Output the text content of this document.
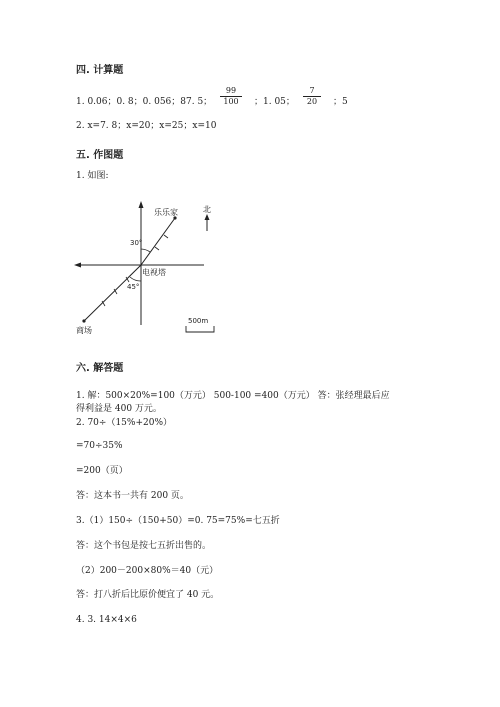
四. 计算题
1. 0.06；0. 8；0. 056；87. 5； $\frac{99}{100}$ ；1. 05； $\frac{7}{20}$ ；5
2. x=7. 8；x=20；x=25；x=10
五. 作图题
1. 如图:
乐乐家
电视塔
商场
30°
45°
北
500m
六. 解答题
1. 解：500×20%=100（万元） 500-100 =400（万元） 答：张经理最后应
得利益是 400 万元。
2. 70÷（15%+20%）
=70÷35%
=200（页）
答：这本书一共有 200 页。
3.（1）150÷（150+50）=0. 75=75%=七五折
答：这个书包是按七五折出售的。
（2）200－200×80%＝40（元）
答：打八折后比原价便宜了 40 元。
4. 3. 14×4×6
